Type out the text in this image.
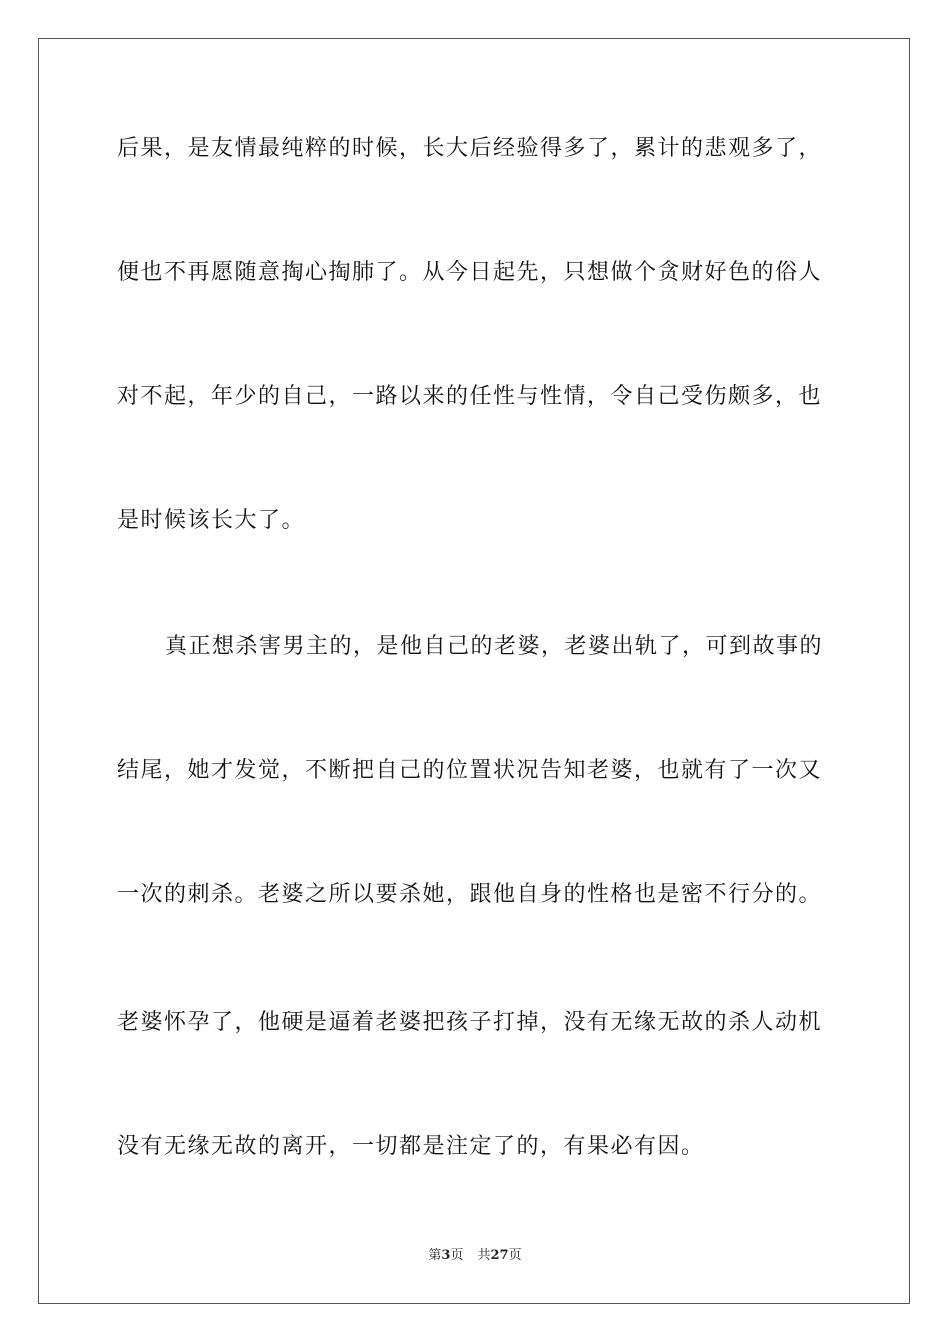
后果，是友情最纯粹的时候，长大后经验得多了，累计的悲观多了，
便也不再愿随意掏心掏肺了。从今日起先，只想做个贪财好色的俗人
对不起，年少的自己，一路以来的任性与性情，令自己受伤颇多，也
是时候该长大了。
真正想杀害男主的，是他自己的老婆，老婆出轨了，可到故事的
结尾，她才发觉，不断把自己的位置状况告知老婆，也就有了一次又
一次的刺杀。老婆之所以要杀她，跟他自身的性格也是密不行分的。
老婆怀孕了，他硬是逼着老婆把孩子打掉，没有无缘无故的杀人动机
没有无缘无故的离开，一切都是注定了的，有果必有因。
第3页 共27页
